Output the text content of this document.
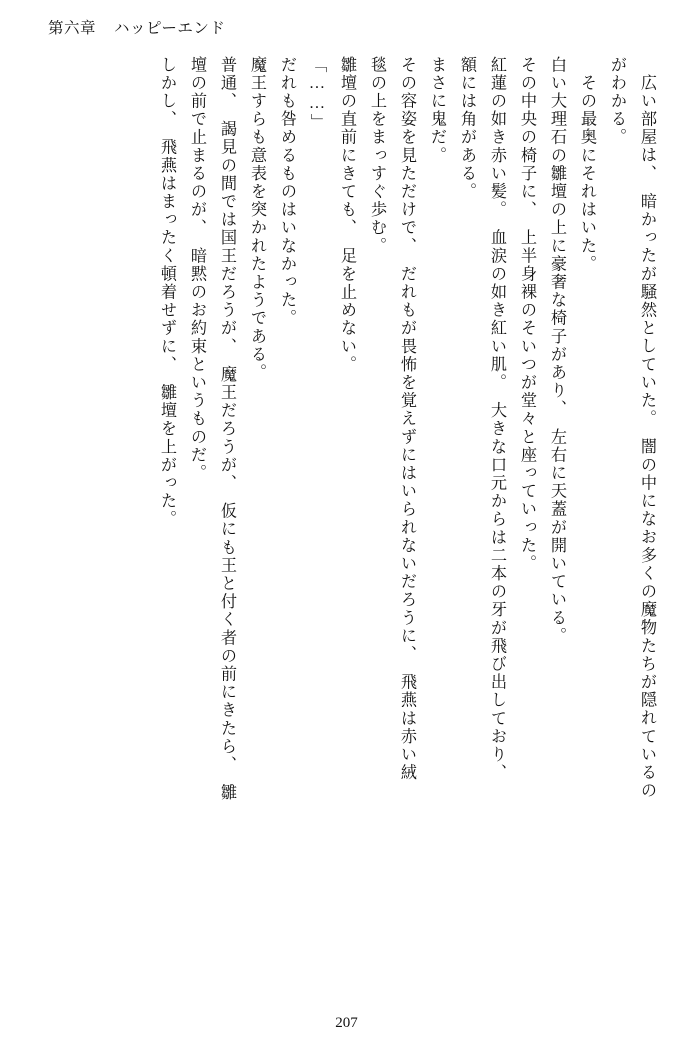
第六章 ハッピーエンド
広い部屋は、　暗かったが騒然としていた。　闇の中になお多くの魔物たちが隠れているの
がわかる。
　その最奥にそれはいた。
白い大理石の雛壇の上に豪奢な椅子があり、　左右に天蓋が開いている。
その中央の椅子に、　上半身裸のそいつが堂々と座っていった。
紅蓮の如き赤い髪。　血涙の如き紅い肌。　大きな口元からは二本の牙が飛び出しており、
額には角がある。
まさに鬼だ。
その容姿を見ただけで、　だれもが畏怖を覚えずにはいられないだろうに、　飛燕は赤い絨
毯の上をまっすぐ歩む。
雛壇の直前にきても、　足を止めない。
「……」
だれも咎めるものはいなかった。
魔王すらも意表を突かれたようである。
普通、　謁見の間では国王だろうが、　魔王だろうが、　仮にも王と付く者の前にきたら、　雛
壇の前で止まるのが、　暗黙のお約束というものだ。
しかし、　飛燕はまったく頓着せずに、　雛壇を上がった。
207
